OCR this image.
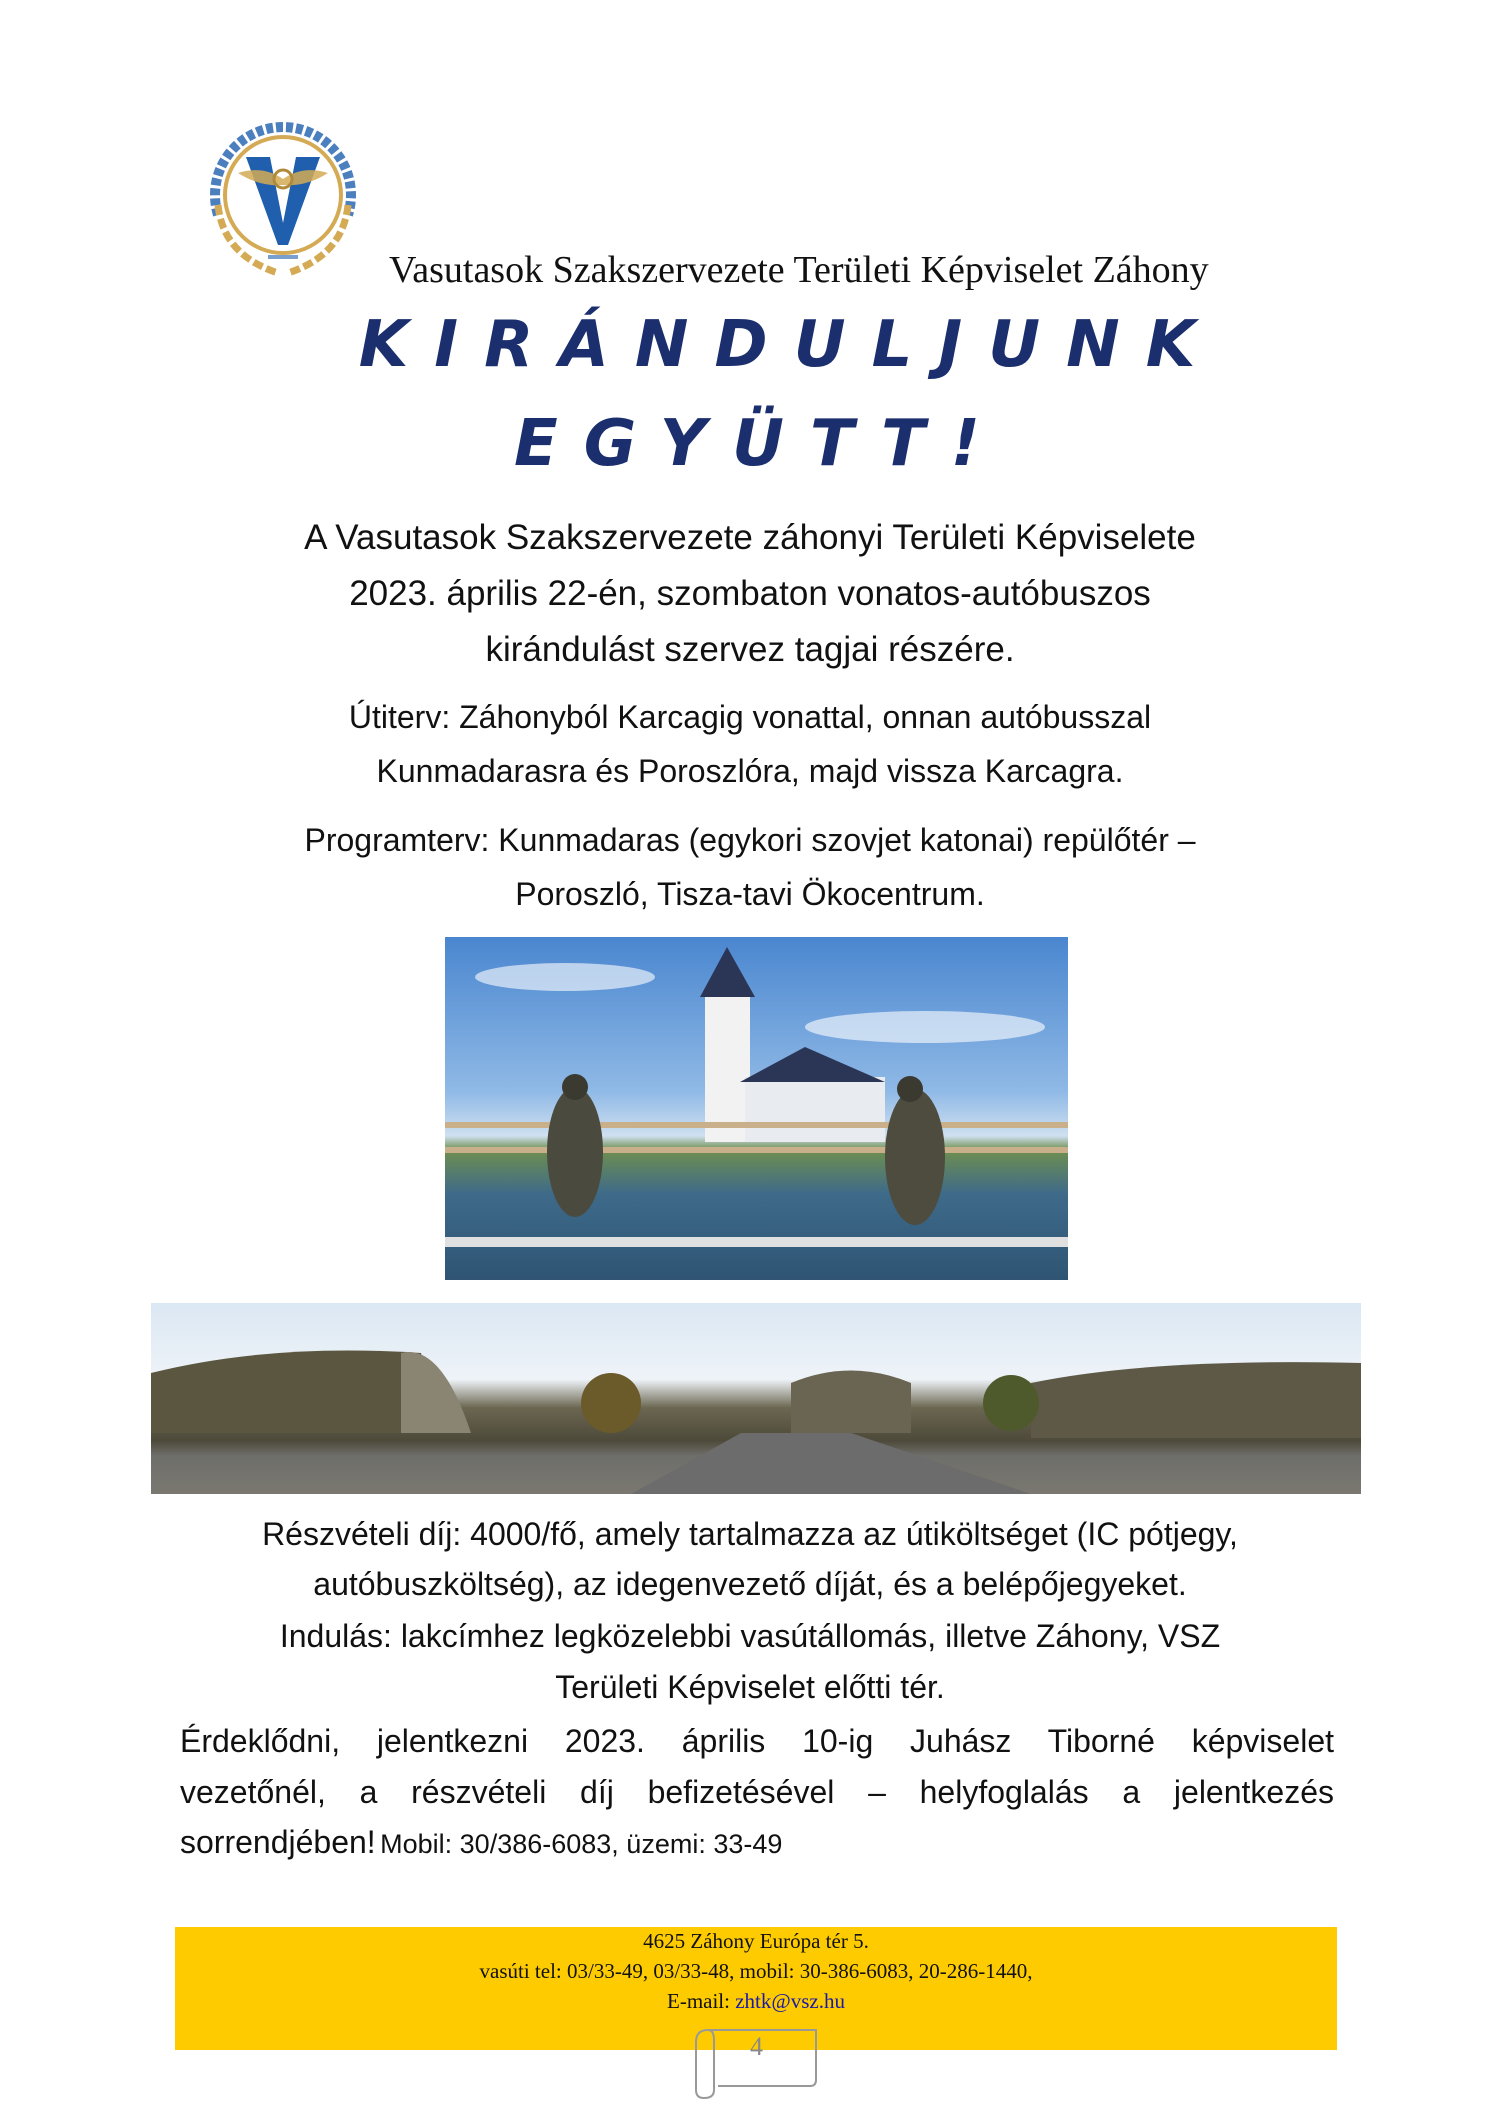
Vasutasok Szakszervezete Területi Képviselet Záhony
KIRÁNDULJUNK
EGYÜTT!
A Vasutasok Szakszervezete záhonyi Területi Képviselete
2023. április 22-én, szombaton vonatos-autóbuszos
kirándulást szervez tagjai részére.
Útiterv: Záhonyból Karcagig vonattal, onnan autóbusszal
Kunmadarasra és Poroszlóra, majd vissza Karcagra.
Programterv: Kunmadaras (egykori szovjet katonai) repülőtér –
Poroszló, Tisza-tavi Ökocentrum.
Részvételi díj: 4000/fő, amely tartalmazza az útiköltséget (IC pótjegy,
autóbuszköltség), az idegenvezető díját, és a belépőjegyeket.
Indulás: lakcímhez legközelebbi vasútállomás, illetve Záhony, VSZ
Területi Képviselet előtti tér.
Érdeklődni, jelentkezni 2023. április 10-ig Juhász Tiborné képviselet
vezetőnél, a részvételi díj befizetésével – helyfoglalás a jelentkezés
sorrendjében! Mobil: 30/386-6083, üzemi: 33-49
4625 Záhony Európa tér 5.
vasúti tel: 03/33-49, 03/33-48, mobil: 30-386-6083, 20-286-1440,
E-mail: zhtk@vsz.hu
4
